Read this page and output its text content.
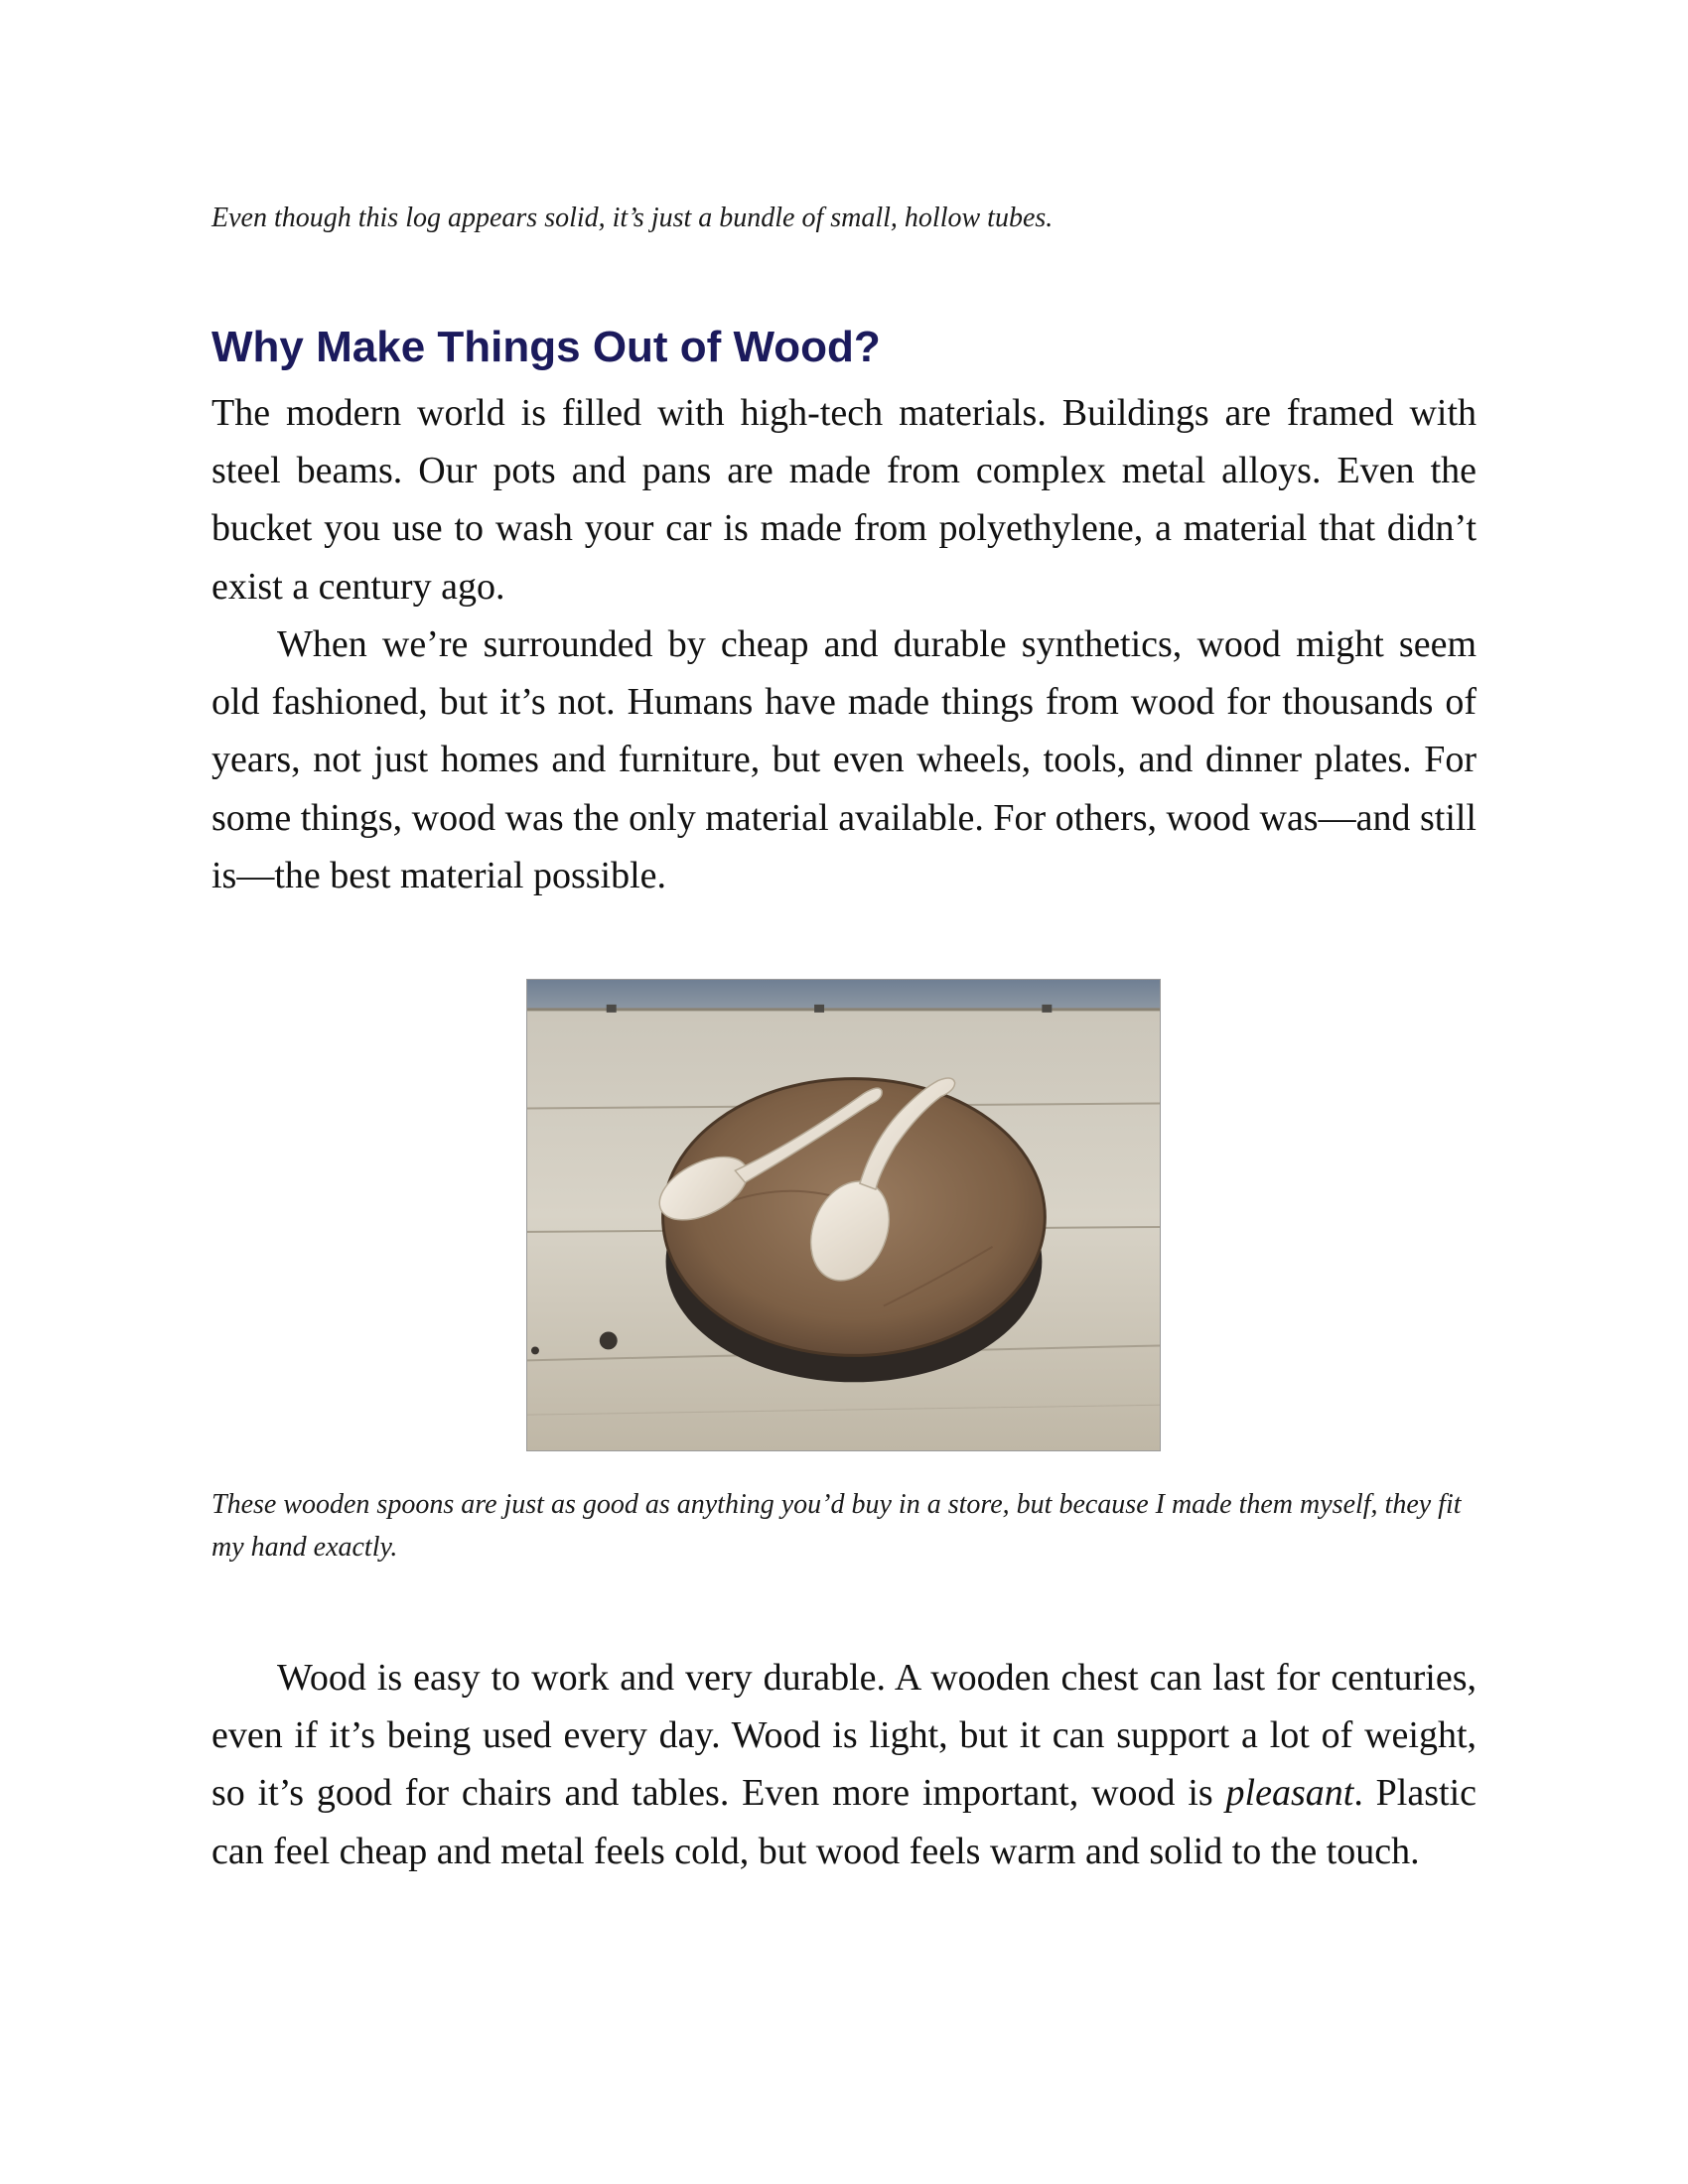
Even though this log appears solid, it’s just a bundle of small, hollow tubes.

Why Make Things Out of Wood?

The modern world is filled with high-tech materials. Buildings are framed with steel beams. Our pots and pans are made from complex metal alloys. Even the bucket you use to wash your car is made from polyethylene, a material that didn’t exist a century ago.

When we’re surrounded by cheap and durable synthetics, wood might seem old fashioned, but it’s not. Humans have made things from wood for thousands of years, not just homes and furniture, but even wheels, tools, and dinner plates. For some things, wood was the only material available. For others, wood was—and still is—the best material possible.

These wooden spoons are just as good as anything you’d buy in a store, but because I made them myself, they fit my hand exactly.

Wood is easy to work and very durable. A wooden chest can last for centuries, even if it’s being used every day. Wood is light, but it can support a lot of weight, so it’s good for chairs and tables. Even more important, wood is pleasant. Plastic can feel cheap and metal feels cold, but wood feels warm and solid to the touch.
